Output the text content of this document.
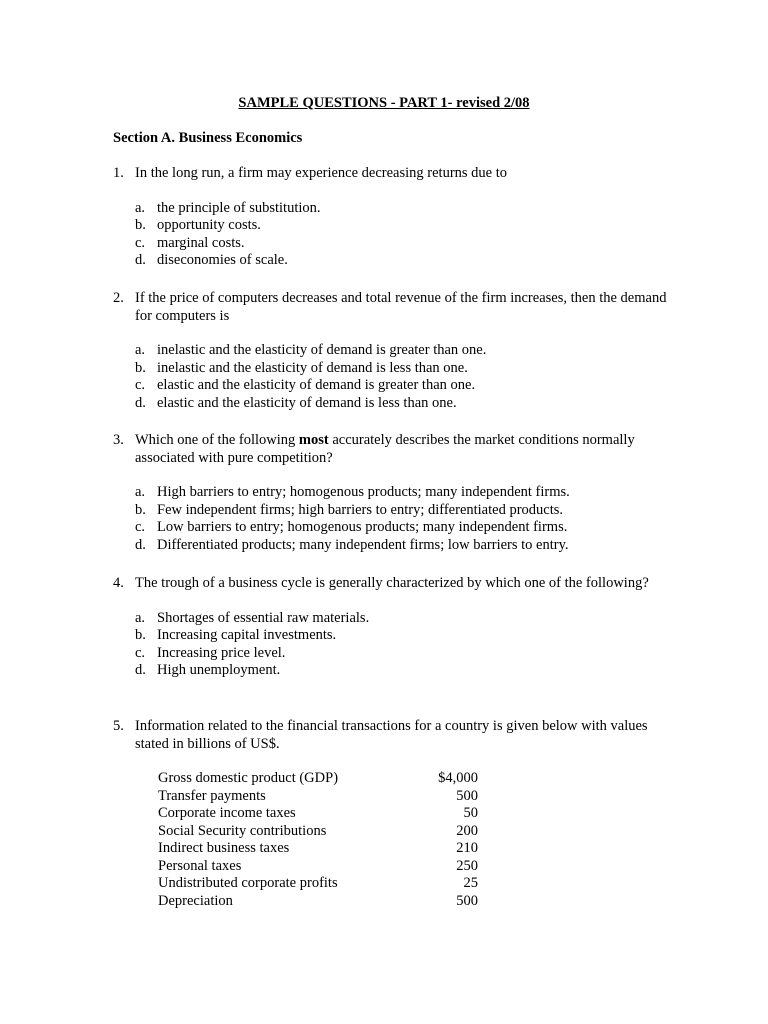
SAMPLE QUESTIONS - PART 1- revised 2/08
Section A. Business Economics
1. In the long run, a firm may experience decreasing returns due to
a. the principle of substitution.
b. opportunity costs.
c. marginal costs.
d. diseconomies of scale.
2. If the price of computers decreases and total revenue of the firm increases, then the demand for computers is
a. inelastic and the elasticity of demand is greater than one.
b. inelastic and the elasticity of demand is less than one.
c. elastic and the elasticity of demand is greater than one.
d. elastic and the elasticity of demand is less than one.
3. Which one of the following most accurately describes the market conditions normally associated with pure competition?
a. High barriers to entry; homogenous products; many independent firms.
b. Few independent firms; high barriers to entry; differentiated products.
c. Low barriers to entry; homogenous products; many independent firms.
d. Differentiated products; many independent firms; low barriers to entry.
4. The trough of a business cycle is generally characterized by which one of the following?
a. Shortages of essential raw materials.
b. Increasing capital investments.
c. Increasing price level.
d. High unemployment.
5. Information related to the financial transactions for a country is given below with values stated in billions of US$.
Gross domestic product (GDP)	$4,000
Transfer payments	500
Corporate income taxes	50
Social Security contributions	200
Indirect business taxes	210
Personal taxes	250
Undistributed corporate profits	25
Depreciation	500
